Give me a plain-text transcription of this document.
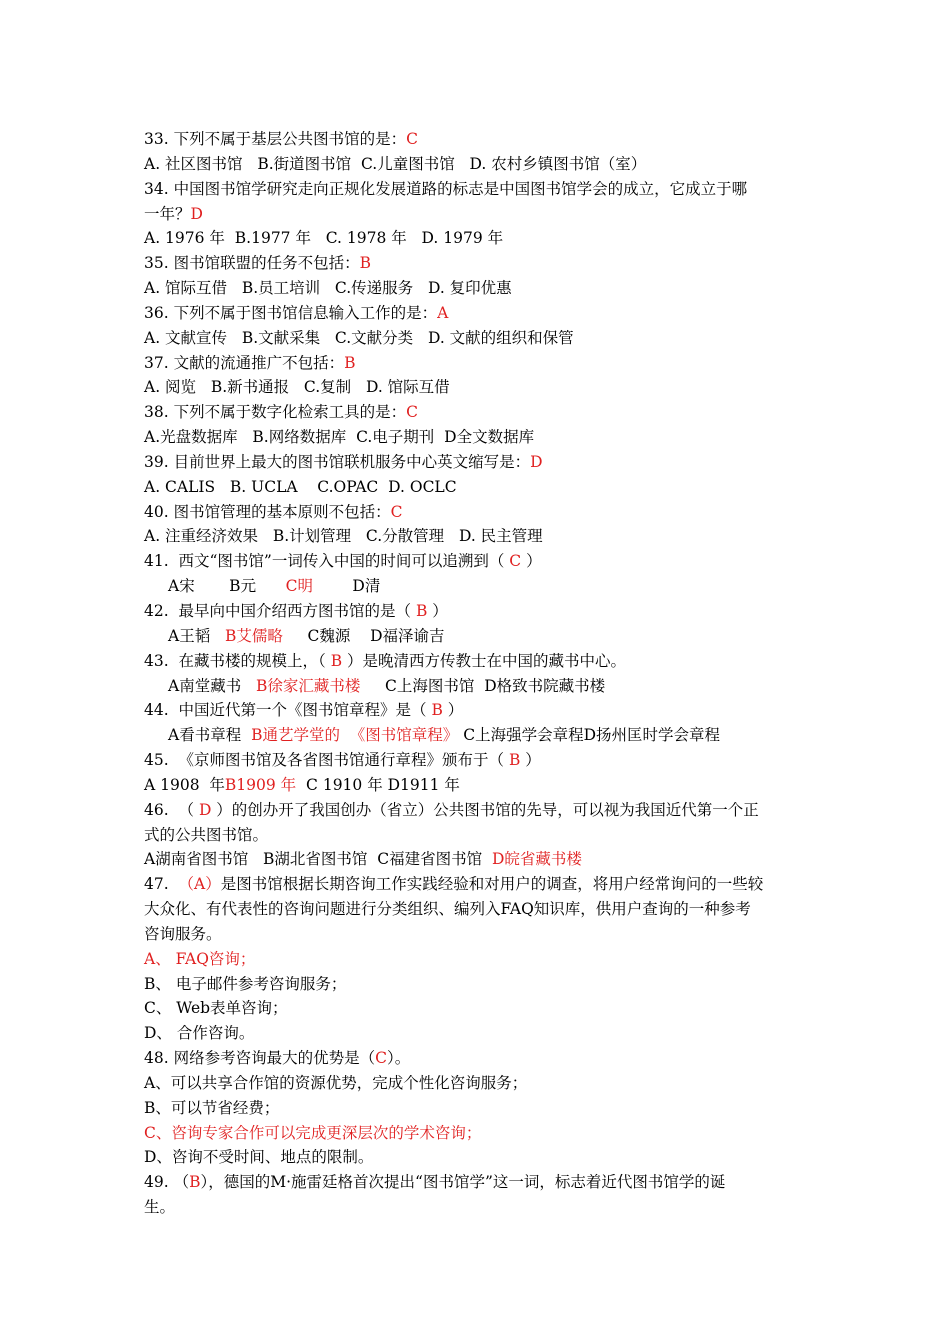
33. 下列不属于基层公共图书馆的是：C
A. 社区图书馆   B.街道图书馆  C.儿童图书馆   D. 农村乡镇图书馆（室）
34. 中国图书馆学研究走向正规化发展道路的标志是中国图书馆学会的成立，它成立于哪
一年？D
A. 1976 年  B.1977 年   C. 1978 年   D. 1979 年
35. 图书馆联盟的任务不包括：B
A. 馆际互借   B.员工培训   C.传递服务   D. 复印优惠
36. 下列不属于图书馆信息输入工作的是：A
A. 文献宣传   B.文献采集   C.文献分类   D. 文献的组织和保管
37. 文献的流通推广不包括：B
A. 阅览   B.新书通报   C.复制   D. 馆际互借
38. 下列不属于数字化检索工具的是：C
A.光盘数据库   B.网络数据库  C.电子期刊  D全文数据库
39. 目前世界上最大的图书馆联机服务中心英文缩写是：D
A. CALIS   B. UCLA    C.OPAC  D. OCLC
40. 图书馆管理的基本原则不包括：C
A. 注重经济效果   B.计划管理   C.分散管理   D. 民主管理
41.  西文“图书馆”一词传入中国的时间可以追溯到（ C ）
A宋       B元      C明        D清
42.  最早向中国介绍西方图书馆的是（ B ）
A王韬   B艾儒略     C魏源    D福泽谕吉
43.  在藏书楼的规模上，（ B ）是晚清西方传教士在中国的藏书中心。
A南堂藏书   B徐家汇藏书楼     C上海图书馆  D格致书院藏书楼
44.  中国近代第一个《图书馆章程》是（ B ）
A看书章程  B通艺学堂的  《图书馆章程》 C上海强学会章程D扬州匡时学会章程
45.  《京师图书馆及各省图书馆通行章程》颁布于（ B ）
A 1908  年B1909 年  C 1910 年 D1911 年
46.  （ D ）的创办开了我国创办（省立）公共图书馆的先导，可以视为我国近代第一个正
式的公共图书馆。
A湖南省图书馆   B湖北省图书馆  C福建省图书馆  D皖省藏书楼
47.  （A）是图书馆根据长期咨询工作实践经验和对用户的调查，将用户经常询问的一些较
大众化、有代表性的咨询问题进行分类组织、编列入FAQ知识库，供用户查询的一种参考
咨询服务。
A、 FAQ咨询；
B、 电子邮件参考咨询服务；
C、 Web表单咨询；
D、 合作咨询。
48. 网络参考咨询最大的优势是（C）。
A、可以共享合作馆的资源优势，完成个性化咨询服务；
B、可以节省经费；
C、咨询专家合作可以完成更深层次的学术咨询；
D、咨询不受时间、地点的限制。
49. （B），德国的M·施雷廷格首次提出“图书馆学”这一词，标志着近代图书馆学的诞
生。
